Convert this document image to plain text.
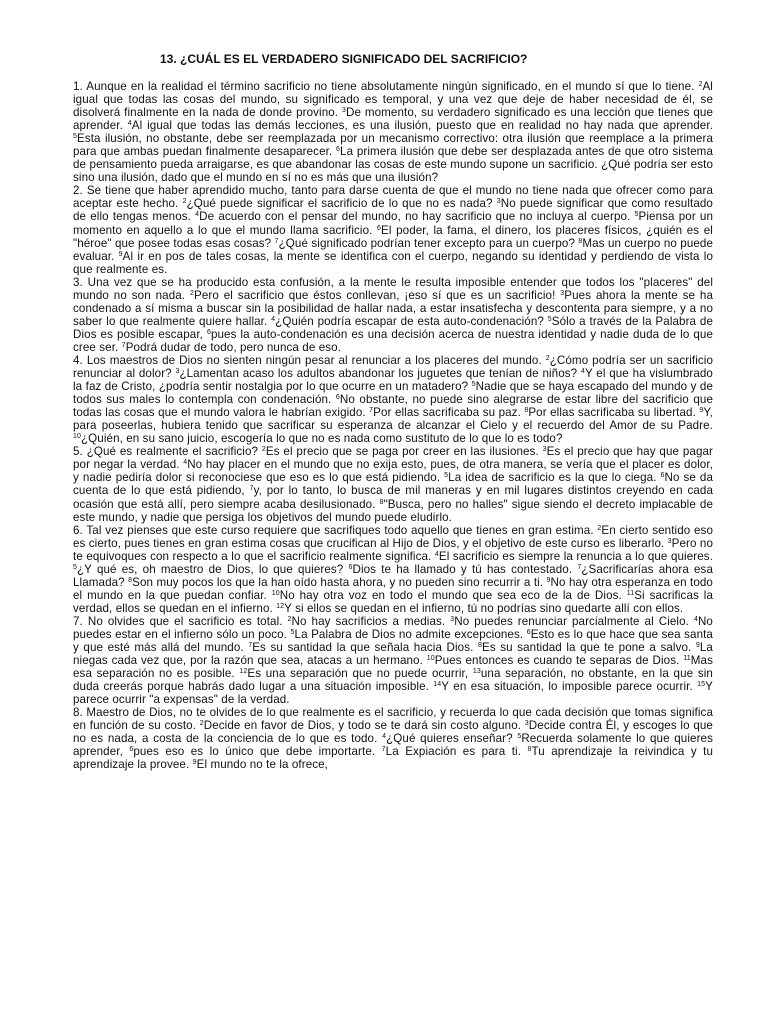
13. ¿CUÁL ES EL VERDADERO SIGNIFICADO DEL SACRIFICIO?

1. Aunque en la realidad el término sacrificio no tiene absolutamente ningún significado, en el mundo sí que lo tiene. $^2$Al igual que todas las cosas del mundo, su significado es temporal, y una vez que deje de haber necesidad de él, se disolverá finalmente en la nada de donde provino. $^3$De momento, su verdadero significado es una lección que tienes que aprender. $^4$Al igual que todas las demás lecciones, es una ilusión, puesto que en realidad no hay nada que aprender. $^5$Esta ilusión, no obstante, debe ser reemplazada por un mecanismo correctivo: otra ilusión que reemplace a la primera para que ambas puedan finalmente desaparecer. $^6$La primera ilusión que debe ser desplazada antes de que otro sistema de pensamiento pueda arraigarse, es que abandonar las cosas de este mundo supone un sacrificio. ¿Qué podría ser esto sino una ilusión, dado que el mundo en sí no es más que una ilusión?

2. Se tiene que haber aprendido mucho, tanto para darse cuenta de que el mundo no tiene nada que ofrecer como para aceptar este hecho. $^2$¿Qué puede significar el sacrificio de lo que no es nada? $^3$No puede significar que como resultado de ello tengas menos. $^4$De acuerdo con el pensar del mundo, no hay sacrificio que no incluya al cuerpo. $^5$Piensa por un momento en aquello a lo que el mundo llama sacrificio. $^6$El poder, la fama, el dinero, los placeres físicos, ¿quién es el "héroe" que posee todas esas cosas? $^7$¿Qué significado podrían tener excepto para un cuerpo? $^8$Mas un cuerpo no puede evaluar. $^9$Al ir en pos de tales cosas, la mente se identifica con el cuerpo, negando su identidad y perdiendo de vista lo que realmente es.

3. Una vez que se ha producido esta confusión, a la mente le resulta imposible entender que todos los "placeres" del mundo no son nada. $^2$Pero el sacrificio que éstos conllevan, ¡eso sí que es un sacrificio! $^3$Pues ahora la mente se ha condenado a sí misma a buscar sin la posibilidad de hallar nada, a estar insatisfecha y descontenta para siempre, y a no saber lo que realmente quiere hallar. $^4$¿Quién podría escapar de esta auto-condenación? $^5$Sólo a través de la Palabra de Dios es posible escapar, $^6$pues la auto-condenación es una decisión acerca de nuestra identidad y nadie duda de lo que cree ser. $^7$Podrá dudar de todo, pero nunca de eso.

4. Los maestros de Dios no sienten ningún pesar al renunciar a los placeres del mundo. $^2$¿Cómo podría ser un sacrificio renunciar al dolor? $^3$¿Lamentan acaso los adultos abandonar los juguetes que tenían de niños? $^4$Y el que ha vislumbrado la faz de Cristo, ¿podría sentir nostalgia por lo que ocurre en un matadero? $^5$Nadie que se haya escapado del mundo y de todos sus males lo contempla con condenación. $^6$No obstante, no puede sino alegrarse de estar libre del sacrificio que todas las cosas que el mundo valora le habrían exigido. $^7$Por ellas sacrificaba su paz. $^8$Por ellas sacrificaba su libertad. $^9$Y, para poseerlas, hubiera tenido que sacrificar su esperanza de alcanzar el Cielo y el recuerdo del Amor de su Padre. $^{10}$¿Quién, en su sano juicio, escogería lo que no es nada como sustituto de lo que lo es todo?

5. ¿Qué es realmente el sacrificio? $^2$Es el precio que se paga por creer en las ilusiones. $^3$Es el precio que hay que pagar por negar la verdad. $^4$No hay placer en el mundo que no exija esto, pues, de otra manera, se vería que el placer es dolor, y nadie pediría dolor si reconociese que eso es lo que está pidiendo. $^5$La idea de sacrificio es la que lo ciega. $^6$No se da cuenta de lo que está pidiendo, $^7$y, por lo tanto, lo busca de mil maneras y en mil lugares distintos creyendo en cada ocasión que está allí, pero siempre acaba desilusionado. $^8$"Busca, pero no halles" sigue siendo el decreto implacable de este mundo, y nadie que persiga los objetivos del mundo puede eludirlo.

6. Tal vez pienses que este curso requiere que sacrifiques todo aquello que tienes en gran estima. $^2$En cierto sentido eso es cierto, pues tienes en gran estima cosas que crucifican al Hijo de Dios, y el objetivo de este curso es liberarlo. $^3$Pero no te equivoques con respecto a lo que el sacrificio realmente significa. $^4$El sacrificio es siempre la renuncia a lo que quieres. $^5$¿Y qué es, oh maestro de Dios, lo que quieres? $^6$Dios te ha llamado y tú has contestado. $^7$¿Sacrificarías ahora esa Llamada? $^8$Son muy pocos los que la han oído hasta ahora, y no pueden sino recurrir a ti. $^9$No hay otra esperanza en todo el mundo en la que puedan confiar. $^{10}$No hay otra voz en todo el mundo que sea eco de la de Dios. $^{11}$Si sacrificas la verdad, ellos se quedan en el infierno. $^{12}$Y si ellos se quedan en el infierno, tú no podrías sino quedarte allí con ellos.

7. No olvides que el sacrificio es total. $^2$No hay sacrificios a medias. $^3$No puedes renunciar parcialmente al Cielo. $^4$No puedes estar en el infierno sólo un poco. $^5$La Palabra de Dios no admite excepciones. $^6$Esto es lo que hace que sea santa y que esté más allá del mundo. $^7$Es su santidad la que señala hacia Dios. $^8$Es su santidad la que te pone a salvo. $^9$La niegas cada vez que, por la razón que sea, atacas a un hermano. $^{10}$Pues entonces es cuando te separas de Dios. $^{11}$Mas esa separación no es posible. $^{12}$Es una separación que no puede ocurrir, $^{13}$una separación, no obstante, en la que sin duda creerás porque habrás dado lugar a una situación imposible. $^{14}$Y en esa situación, lo imposible parece ocurrir. $^{15}$Y parece ocurrir "a expensas" de la verdad.

8. Maestro de Dios, no te olvides de lo que realmente es el sacrificio, y recuerda lo que cada decisión que tomas significa en función de su costo. $^2$Decide en favor de Dios, y todo se te dará sin costo alguno. $^3$Decide contra Él, y escoges lo que no es nada, a costa de la conciencia de lo que es todo. $^4$¿Qué quieres enseñar? $^5$Recuerda solamente lo que quieres aprender, $^6$pues eso es lo único que debe importarte. $^7$La Expiación es para ti. $^8$Tu aprendizaje la reivindica y tu aprendizaje la provee. $^9$El mundo no te la ofrece,
